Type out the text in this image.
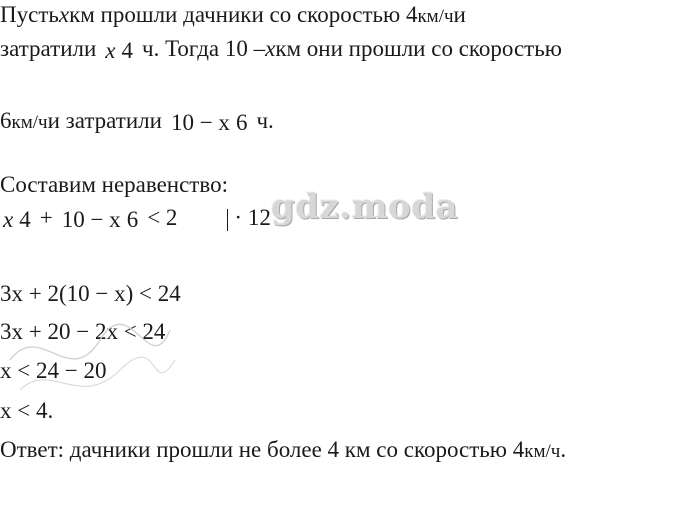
Пустьxкм прошли дачники со скоростью 4км/чи
затратилиx 4ч. Тогда 10 –xкм они прошли со скоростью
6км/чи затратили10 − x 6ч.
Составим неравенство:
x 4 + 10 − x 6 < 2 · 12
3x + 2(10 − x) < 24
3x + 20 − 2x < 24
x < 24 − 20
x < 4.
Ответ: дачники прошли не более 4 км со скоростью 4км/ч.
gdz.moda
